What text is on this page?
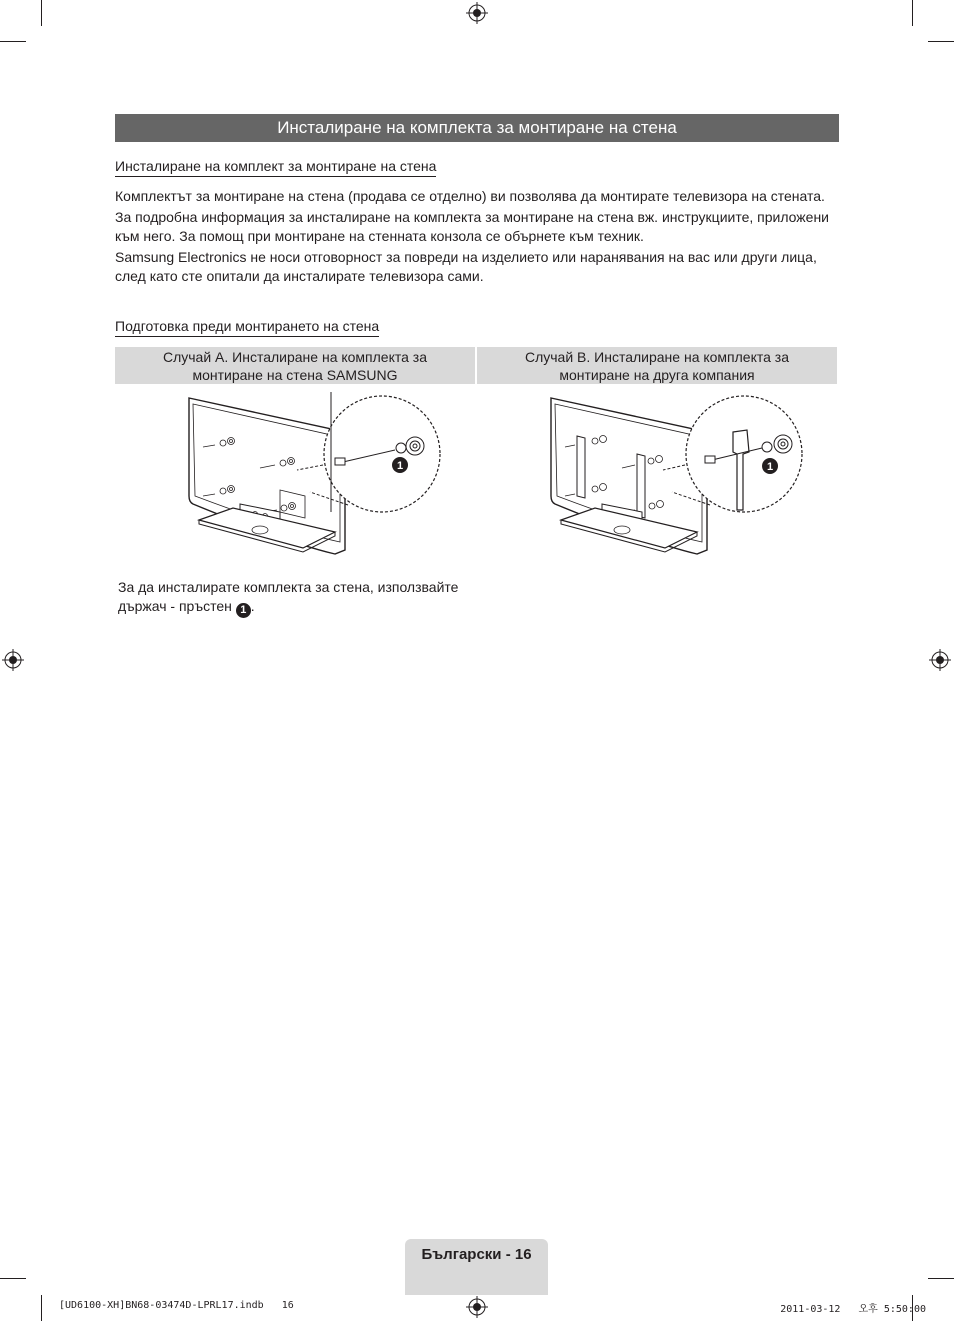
Инсталиране на комплекта за монтиране на стена
Инсталиране на комплект за монтиране на стена

Комплектът за монтиране на стена (продава се отделно) ви позволява да монтирате телевизора на стената.

За подробна информация за инсталиране на комплекта за монтиране на стена вж. инструкциите, приложени към него. За помощ при монтиране на стенната конзола се обърнете към техник.

Samsung Electronics не носи отговорност за повреди на изделието или наранявания на вас или други лица, след като сте опитали да инсталирате телевизора сами.

Подготовка преди монтирането на стена
Случай А. Инсталиране на комплекта за
монтиране на стена SAMSUNG
Случай B. Инсталиране на комплекта за
монтиране на друга компания
1	1
За да инсталирате комплекта за стена, използвайте
държач - пръстен 1 .
Български - 16
[UD6100-XH]BN68-03474D-LPRL17.indb   16	2011-03-12   오후 5:50:00
